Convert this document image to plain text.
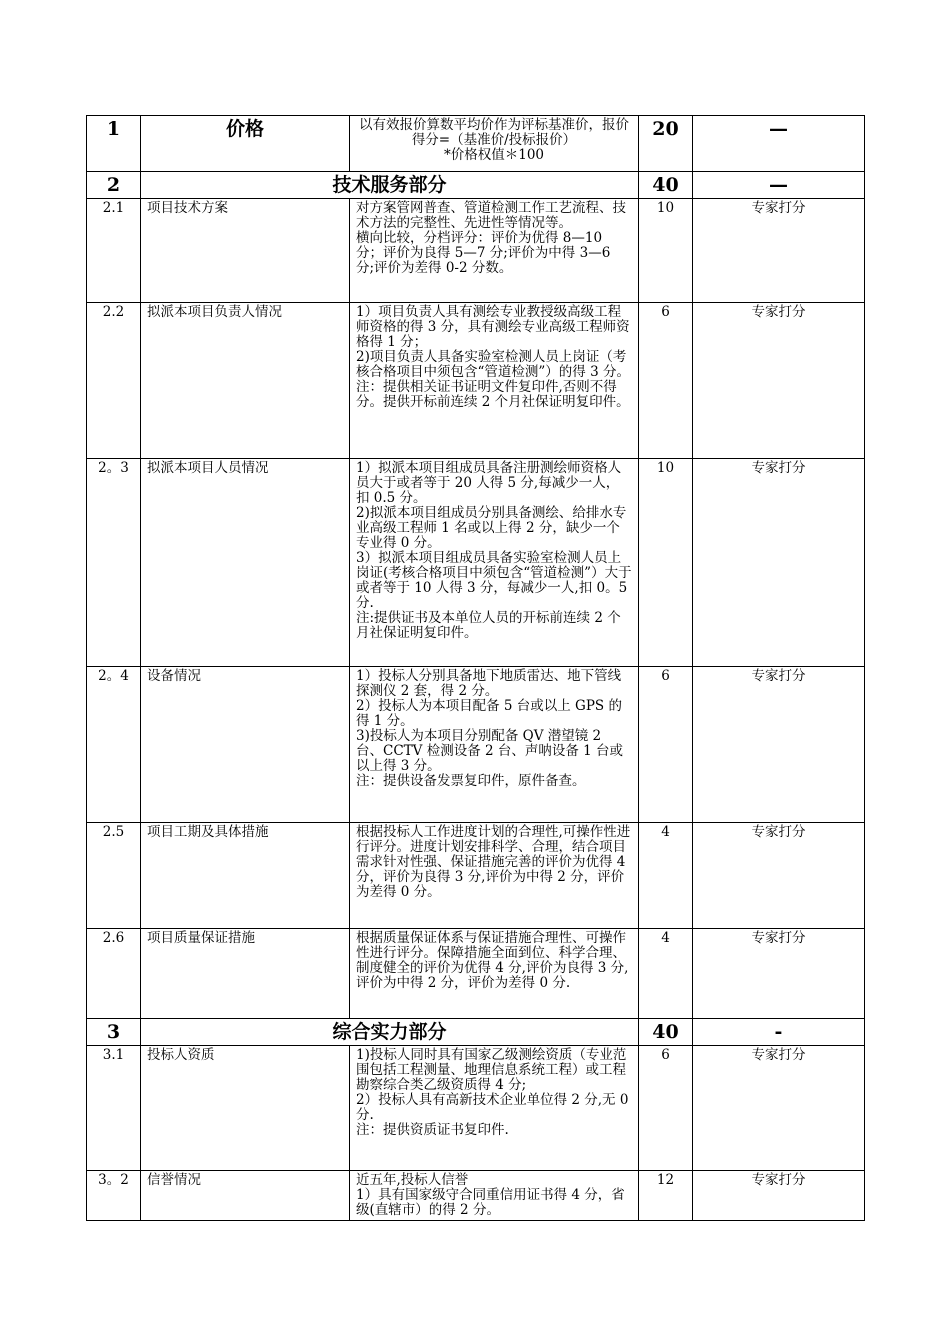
1	价格	以有效报价算数平均价作为评标基准价，报价得分=（基准价/投标报价）
*价格权值＊100	20	—
2	技术服务部分		40	—
2.1	项目技术方案	对方案管网普查、管道检测工作工艺流程、技术方法的完整性、先进性等情况等。
横向比较，分档评分：评价为优得 8—10 分；评价为良得 5—7 分;评价为中得 3—6 分;评价为差得 0-2 分数。	10	专家打分
2.2	拟派本项目负责人情况	1）项目负责人具有测绘专业教授级高级工程师资格的得 3 分，具有测绘专业高级工程师资格得 1 分；
2)项目负责人具备实验室检测人员上岗证（考核合格项目中须包含“管道检测”）的得 3 分。
注：提供相关证书证明文件复印件,否则不得分。提供开标前连续 2 个月社保证明复印件。	6	专家打分
2。3	拟派本项目人员情况	1）拟派本项目组成员具备注册测绘师资格人员大于或者等于 20 人得 5 分,每减少一人，扣 0.5 分。
2)拟派本项目组成员分别具备测绘、给排水专业高级工程师 1 名或以上得 2 分，缺少一个专业得 0 分。
3）拟派本项目组成员具备实验室检测人员上岗证(考核合格项目中须包含“管道检测”）大于或者等于 10 人得 3 分，每减少一人,扣 0。5 分.
注:提供证书及本单位人员的开标前连续 2 个月社保证明复印件。	10	专家打分
2。4	设备情况	1）投标人分别具备地下地质雷达、地下管线探测仪 2 套，得 2 分。
2）投标人为本项目配备 5 台或以上 GPS 的得 1 分。
3)投标人为本项目分别配备 QV 潜望镜 2 台、CCTV 检测设备 2 台、声呐设备 1 台或以上得 3 分。
注：提供设备发票复印件，原件备查。	6	专家打分
2.5	项目工期及具体措施	根据投标人工作进度计划的合理性,可操作性进行评分。进度计划安排科学、合理，结合项目需求针对性强、保证措施完善的评价为优得 4 分，评价为良得 3 分,评价为中得 2 分，评价为差得 0 分。	4	专家打分
2.6	项目质量保证措施	根据质量保证体系与保证措施合理性、可操作性进行评分。保障措施全面到位、科学合理、制度健全的评价为优得 4 分,评价为良得 3 分,评价为中得 2 分，评价为差得 0 分.	4	专家打分
3	综合实力部分		40	-
3.1	投标人资质	1)投标人同时具有国家乙级测绘资质（专业范围包括工程测量、地理信息系统工程）或工程勘察综合类乙级资质得 4 分;
2）投标人具有高新技术企业单位得 2 分,无 0 分.
注：提供资质证书复印件.	6	专家打分
3。2	信誉情况	近五年,投标人信誉
1）具有国家级守合同重信用证书得 4 分，省级(直辖市）的得 2 分。	12	专家打分
